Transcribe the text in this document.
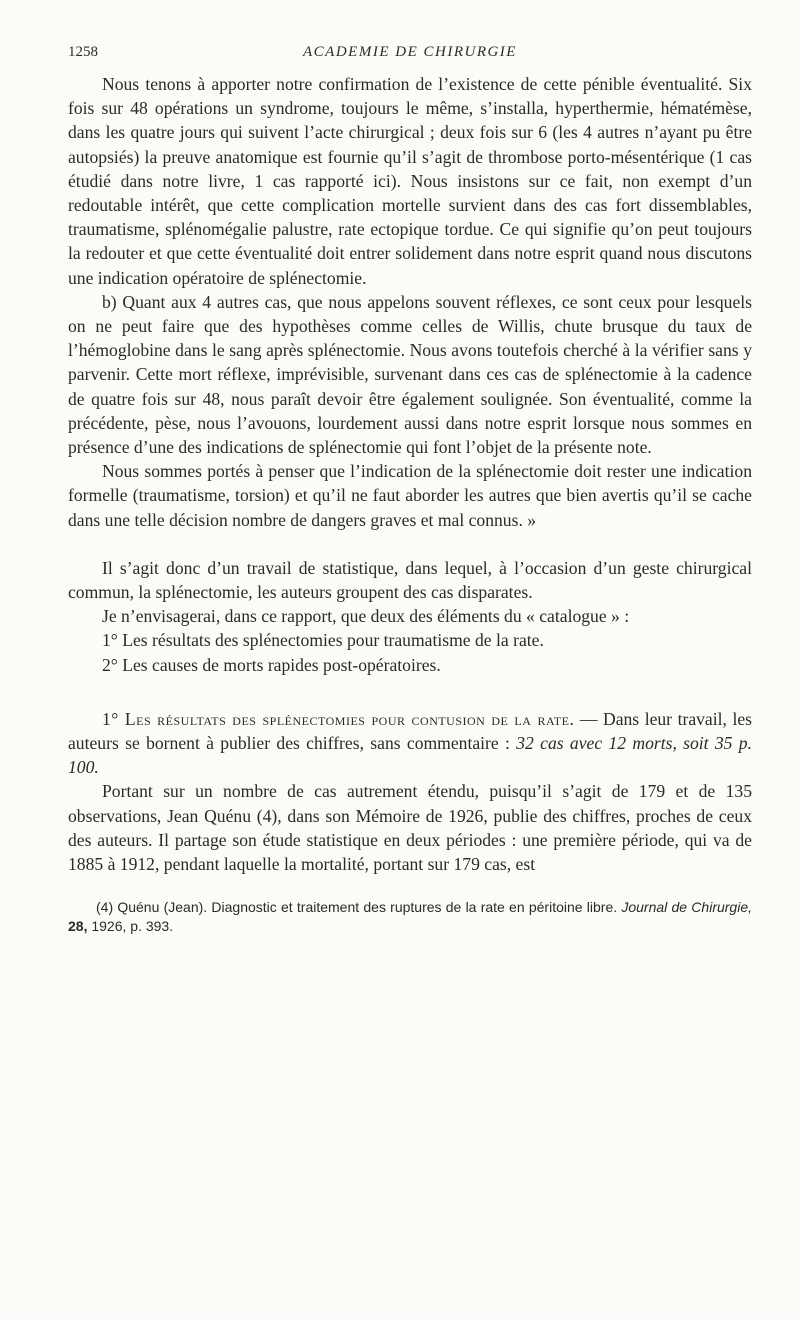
1258	ACADEMIE DE CHIRURGIE

Nous tenons à apporter notre confirmation de l’existence de cette pénible éventualité. Six fois sur 48 opérations un syndrome, toujours le même, s’installa, hyperthermie, hématémèse, dans les quatre jours qui suivent l’acte chirurgical ; deux fois sur 6 (les 4 autres n’ayant pu être autopsiés) la preuve anatomique est fournie qu’il s’agit de thrombose porto-mésentérique (1 cas étudié dans notre livre, 1 cas rapporté ici). Nous insistons sur ce fait, non exempt d’un redoutable intérêt, que cette complication mortelle survient dans des cas fort dissemblables, traumatisme, splénomégalie palustre, rate ectopique tordue. Ce qui signifie qu’on peut toujours la redouter et que cette éventualité doit entrer solidement dans notre esprit quand nous discutons une indication opératoire de splénectomie.

b) Quant aux 4 autres cas, que nous appelons souvent réflexes, ce sont ceux pour lesquels on ne peut faire que des hypothèses comme celles de Willis, chute brusque du taux de l’hémoglobine dans le sang après splénectomie. Nous avons toutefois cherché à la vérifier sans y parvenir. Cette mort réflexe, imprévisible, survenant dans ces cas de splénectomie à la cadence de quatre fois sur 48, nous paraît devoir être également soulignée. Son éventualité, comme la précédente, pèse, nous l’avouons, lourdement aussi dans notre esprit lorsque nous sommes en présence d’une des indications de splénectomie qui font l’objet de la présente note.

Nous sommes portés à penser que l’indication de la splénectomie doit rester une indication formelle (traumatisme, torsion) et qu’il ne faut aborder les autres que bien avertis qu’il se cache dans une telle décision nombre de dangers graves et mal connus. »

Il s’agit donc d’un travail de statistique, dans lequel, à l’occasion d’un geste chirurgical commun, la splénectomie, les auteurs groupent des cas disparates.

Je n’envisagerai, dans ce rapport, que deux des éléments du « catalogue » :

1° Les résultats des splénectomies pour traumatisme de la rate.

2° Les causes de morts rapides post-opératoires.

1° Les résultats des splénectomies pour contusion de la rate. — Dans leur travail, les auteurs se bornent à publier des chiffres, sans commentaire : 32 cas avec 12 morts, soit 35 p. 100.

Portant sur un nombre de cas autrement étendu, puisqu’il s’agit de 179 et de 135 observations, Jean Quénu (4), dans son Mémoire de 1926, publie des chiffres, proches de ceux des auteurs. Il partage son étude statistique en deux périodes : une première période, qui va de 1885 à 1912, pendant laquelle la mortalité, portant sur 179 cas, est

(4) Quénu (Jean). Diagnostic et traitement des ruptures de la rate en péritoine libre. Journal de Chirurgie, 28, 1926, p. 393.
